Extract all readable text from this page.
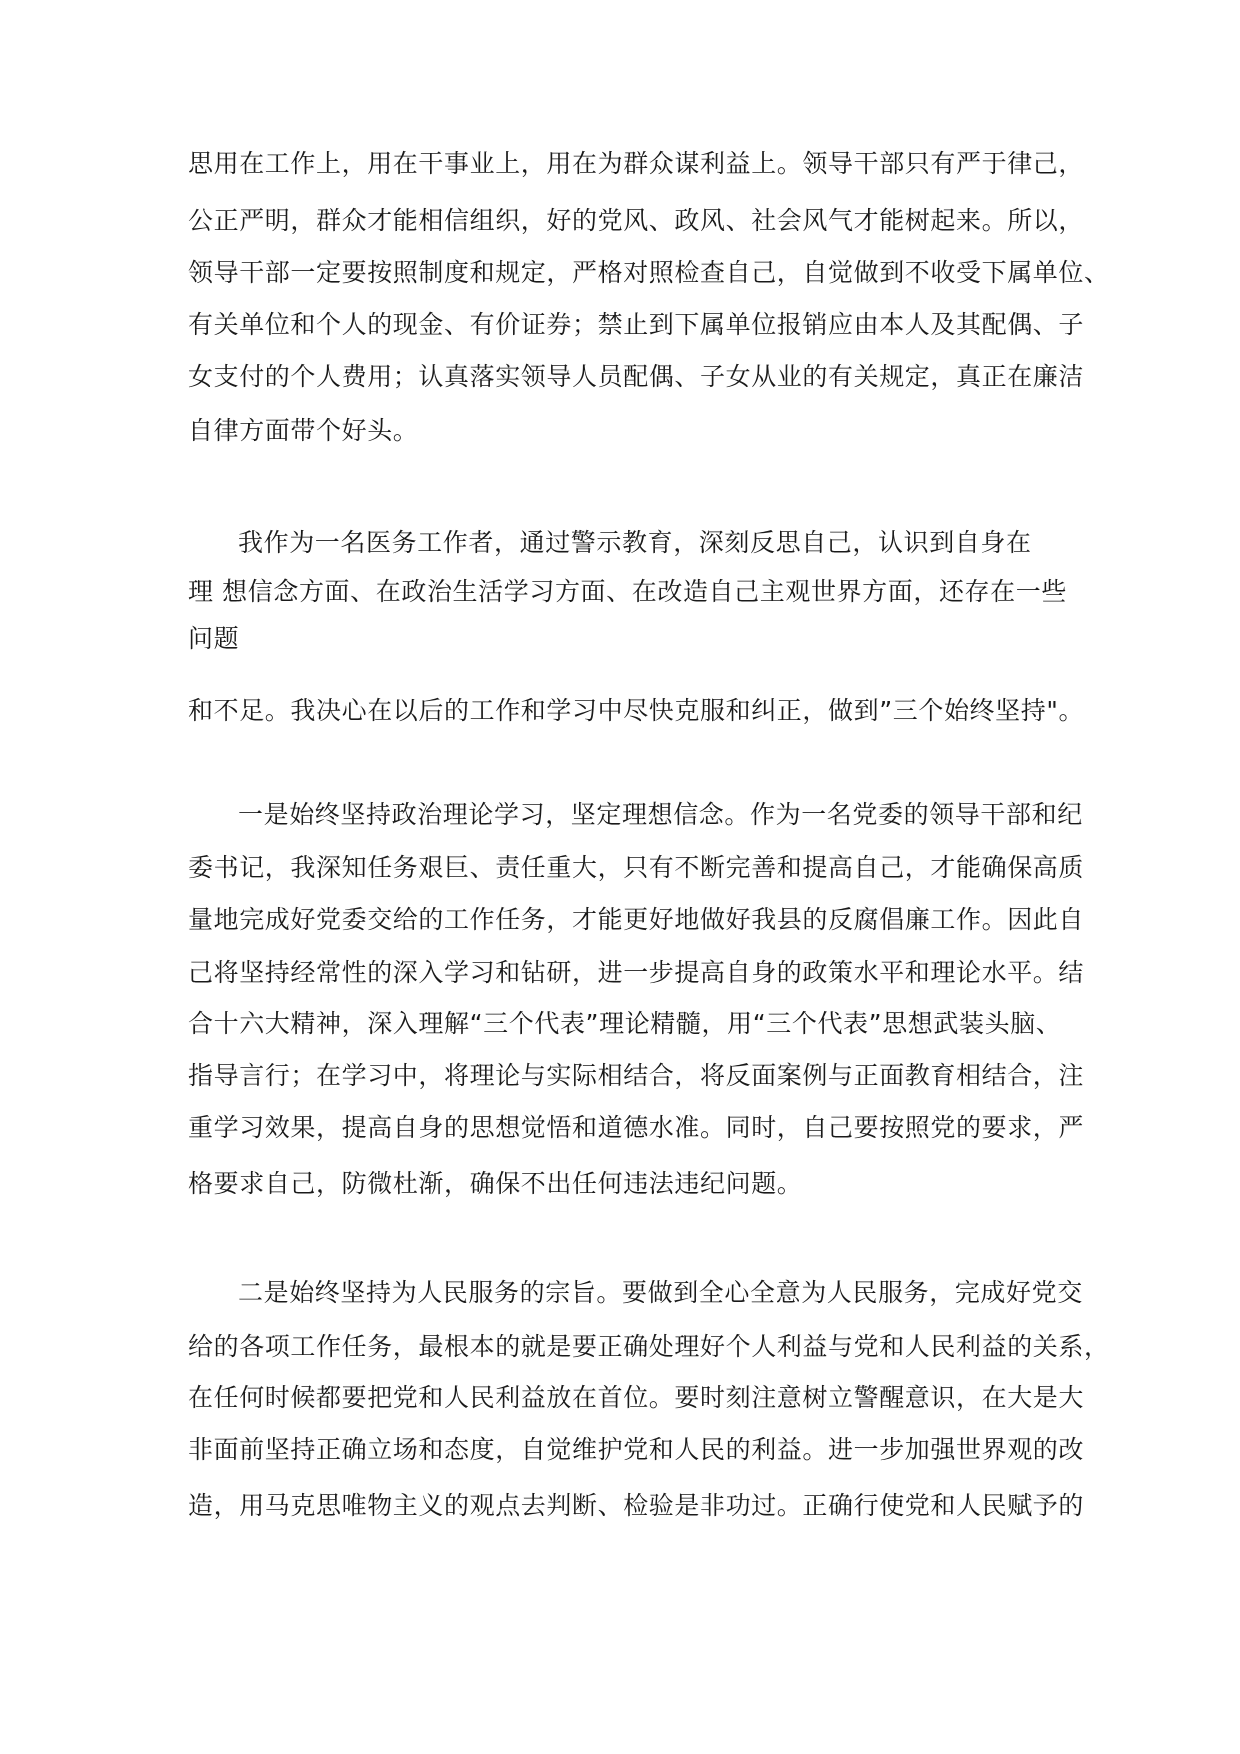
思用在工作上，用在干事业上，用在为群众谋利益上。领导干部只有严于律己，
公正严明，群众才能相信组织，好的党风、政风、社会风气才能树起来。所以，
领导干部一定要按照制度和规定，严格对照检查自己，自觉做到不收受下属单位、
有关单位和个人的现金、有价证券；禁止到下属单位报销应由本人及其配偶、子
女支付的个人费用；认真落实领导人员配偶、子女从业的有关规定，真正在廉洁
自律方面带个好头。
我作为一名医务工作者，通过警示教育，深刻反思自己，认识到自身在
理 想信念方面、在政治生活学习方面、在改造自己主观世界方面，还存在一些
问题
和不足。我决心在以后的工作和学习中尽快克服和纠正，做到”三个始终坚持"。
一是始终坚持政治理论学习，坚定理想信念。作为一名党委的领导干部和纪
委书记，我深知任务艰巨、责任重大，只有不断完善和提高自己，才能确保高质
量地完成好党委交给的工作任务，才能更好地做好我县的反腐倡廉工作。因此自
己将坚持经常性的深入学习和钻研，进一步提高自身的政策水平和理论水平。结
合十六大精神，深入理解“三个代表”理论精髓，用“三个代表”思想武装头脑、
指导言行；在学习中，将理论与实际相结合，将反面案例与正面教育相结合，注
重学习效果，提高自身的思想觉悟和道德水准。同时，自己要按照党的要求，严
格要求自己，防微杜渐，确保不出任何违法违纪问题。
二是始终坚持为人民服务的宗旨。要做到全心全意为人民服务，完成好党交
给的各项工作任务，最根本的就是要正确处理好个人利益与党和人民利益的关系，
在任何时候都要把党和人民利益放在首位。要时刻注意树立警醒意识，在大是大
非面前坚持正确立场和态度，自觉维护党和人民的利益。进一步加强世界观的改
造，用马克思唯物主义的观点去判断、检验是非功过。正确行使党和人民赋予的
